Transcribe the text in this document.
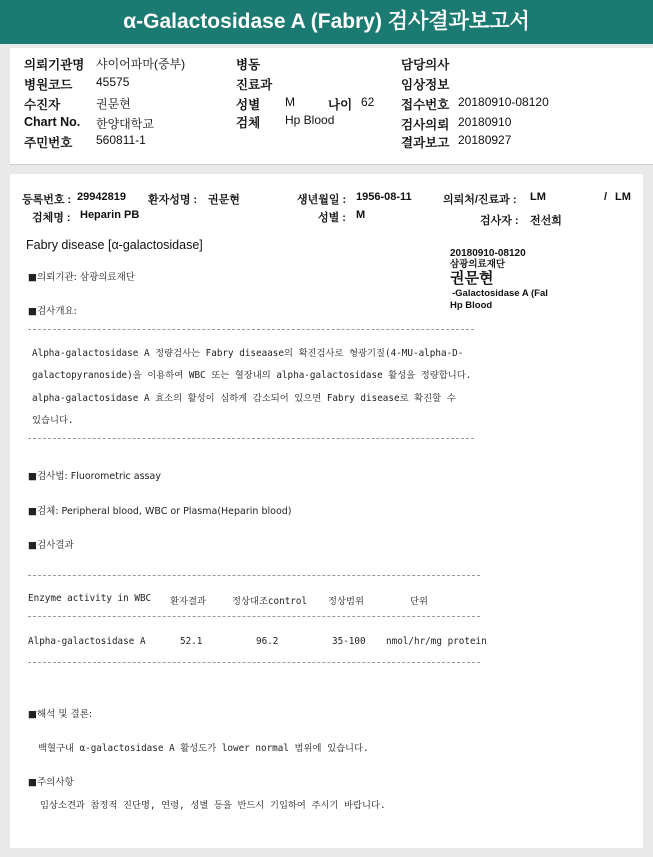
α-Galactosidase A (Fabry) 검사결과보고서
의뢰기관명 샤이어파마(중부)
병원코드 45575
수진자	권문현
Chart No. 한양대학교
주민번호 560811-1
병동
진료과
성별 M	나이 62
검체 Hp Blood
담당의사
임상정보
접수번호 20180910-08120
검사의뢰 20180910
결과보고 20180927
등록번호 : 29942819 환자성명 : 권문현	생년월일 : 1956-08-11	의뢰처/진료과 : LM	/ LM
검체명 : Heparin PB	성별 : M	검사자 : 전선희
Fabry disease [α-galactosidase]
20180910-08120
삼광의료재단
권문현
-Galactosidase A (Fal
Hp Blood
■의뢰기관: 삼광의료재단
■검사개요:
Alpha-galactosidase A 정량검사는 Fabry diseaase의 확진검사로 형광기질(4-MU-alpha-D-
galactopyranoside)을 이용하여 WBC 또는 혈장내의 alpha-galactosidase 활성을 정량합니다.
alpha-galactosidase A 효소의 활성이 심하게 감소되어 있으면 Fabry disease로 확진할 수
있습니다.
■검사법: Fluorometric assay
■검체: Peripheral blood, WBC or Plasma(Heparin blood)
■검사결과
Enzyme activity in WBC 환자결과	정상대조control 정상범위	단위
Alpha-galactosidase A	52.1	96.2	35-100 nmol/hr/mg protein
■해석 및 결론:
백혈구내 α-galactosidase A 활성도가 lower normal 범위에 있습니다.
■주의사항
임상소견과 참정적 진단명, 연령, 성별 등을 반드시 기입하여 주시기 바랍니다.
